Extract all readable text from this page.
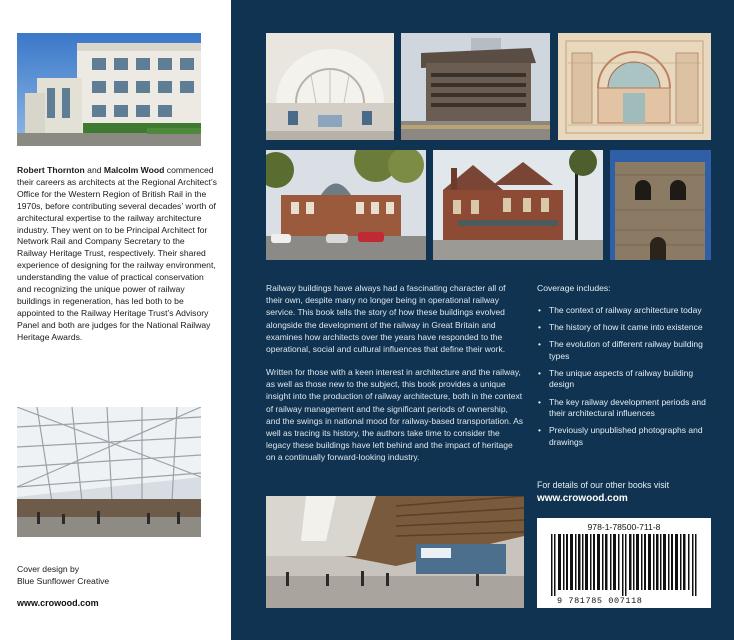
Robert Thornton and Malcolm Wood commenced their careers as architects at the Regional Architect’s Office for the Western Region of British Rail in the 1970s, before contributing several decades’ worth of architectural expertise to the railway architecture industry. They went on to be Principal Architect for Network Rail and Company Secretary to the Railway Heritage Trust, respectively. Their shared experience of designing for the railway environment, understanding the value of practical conservation and recognizing the unique power of railway buildings in regeneration, has led both to be appointed to the Railway Heritage Trust’s Advisory Panel and both are judges for the National Railway Heritage Awards.
Cover design by
Blue Sunflower Creative
www.crowood.com
Railway buildings have always had a fascinating character all of their own, despite many no longer being in operational railway service. This book tells the story of how these buildings evolved alongside the development of the railway in Great Britain and examines how architects over the years have responded to the operational, social and cultural influences that define their work.
Written for those with a keen interest in architecture and the railway, as well as those new to the subject, this book provides a unique insight into the production of railway architecture, both in the context of railway management and the significant periods of ownership, and the swings in national mood for railway-based transportation. As well as tracing its history, the authors take time to consider the legacy these buildings have left behind and the impact of heritage on a continually forward-looking industry.
Coverage includes:
• The context of railway architecture today
• The history of how it came into existence
• The evolution of different railway building types
• The unique aspects of railway building design
• The key railway development periods and their architectural influences
• Previously unpublished photographs and drawings
For details of our other books visit
www.crowood.com
978-1-78500-711-8
9 781785 007118
